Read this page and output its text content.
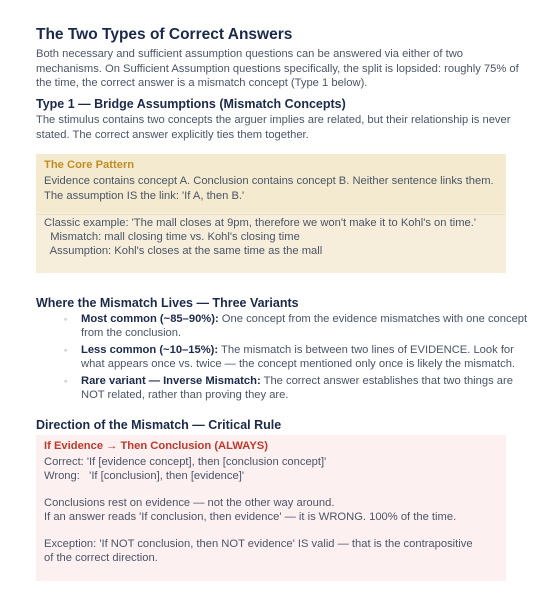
The Two Types of Correct Answers

Both necessary and sufficient assumption questions can be answered via either of two mechanisms. On Sufficient Assumption questions specifically, the split is lopsided: roughly 75% of the time, the correct answer is a mismatch concept (Type 1 below).

Type 1 — Bridge Assumptions (Mismatch Concepts)

The stimulus contains two concepts the arguer implies are related, but their relationship is never stated. The correct answer explicitly ties them together.

The Core Pattern
Evidence contains concept A. Conclusion contains concept B. Neither sentence links them.
The assumption IS the link: 'If A, then B.'
Classic example: 'The mall closes at 9pm, therefore we won't make it to Kohl's on time.'
Mismatch: mall closing time vs. Kohl's closing time
Assumption: Kohl's closes at the same time as the mall
Where the Mismatch Lives — Three Variants
◦ Most common (~85–90%): One concept from the evidence mismatches with one concept from the conclusion.
◦ Less common (~10–15%): The mismatch is between two lines of EVIDENCE. Look for what appears once vs. twice — the concept mentioned only once is likely the mismatch.
◦ Rare variant — Inverse Mismatch: The correct answer establishes that two things are NOT related, rather than proving they are.
Direction of the Mismatch — Critical Rule
If Evidence → Then Conclusion (ALWAYS)
Correct: 'If [evidence concept], then [conclusion concept]'
Wrong:   'If [conclusion], then [evidence]'
Conclusions rest on evidence — not the other way around.
If an answer reads 'If conclusion, then evidence' — it is WRONG. 100% of the time.
Exception: 'If NOT conclusion, then NOT evidence' IS valid — that is the contrapositive
of the correct direction.
